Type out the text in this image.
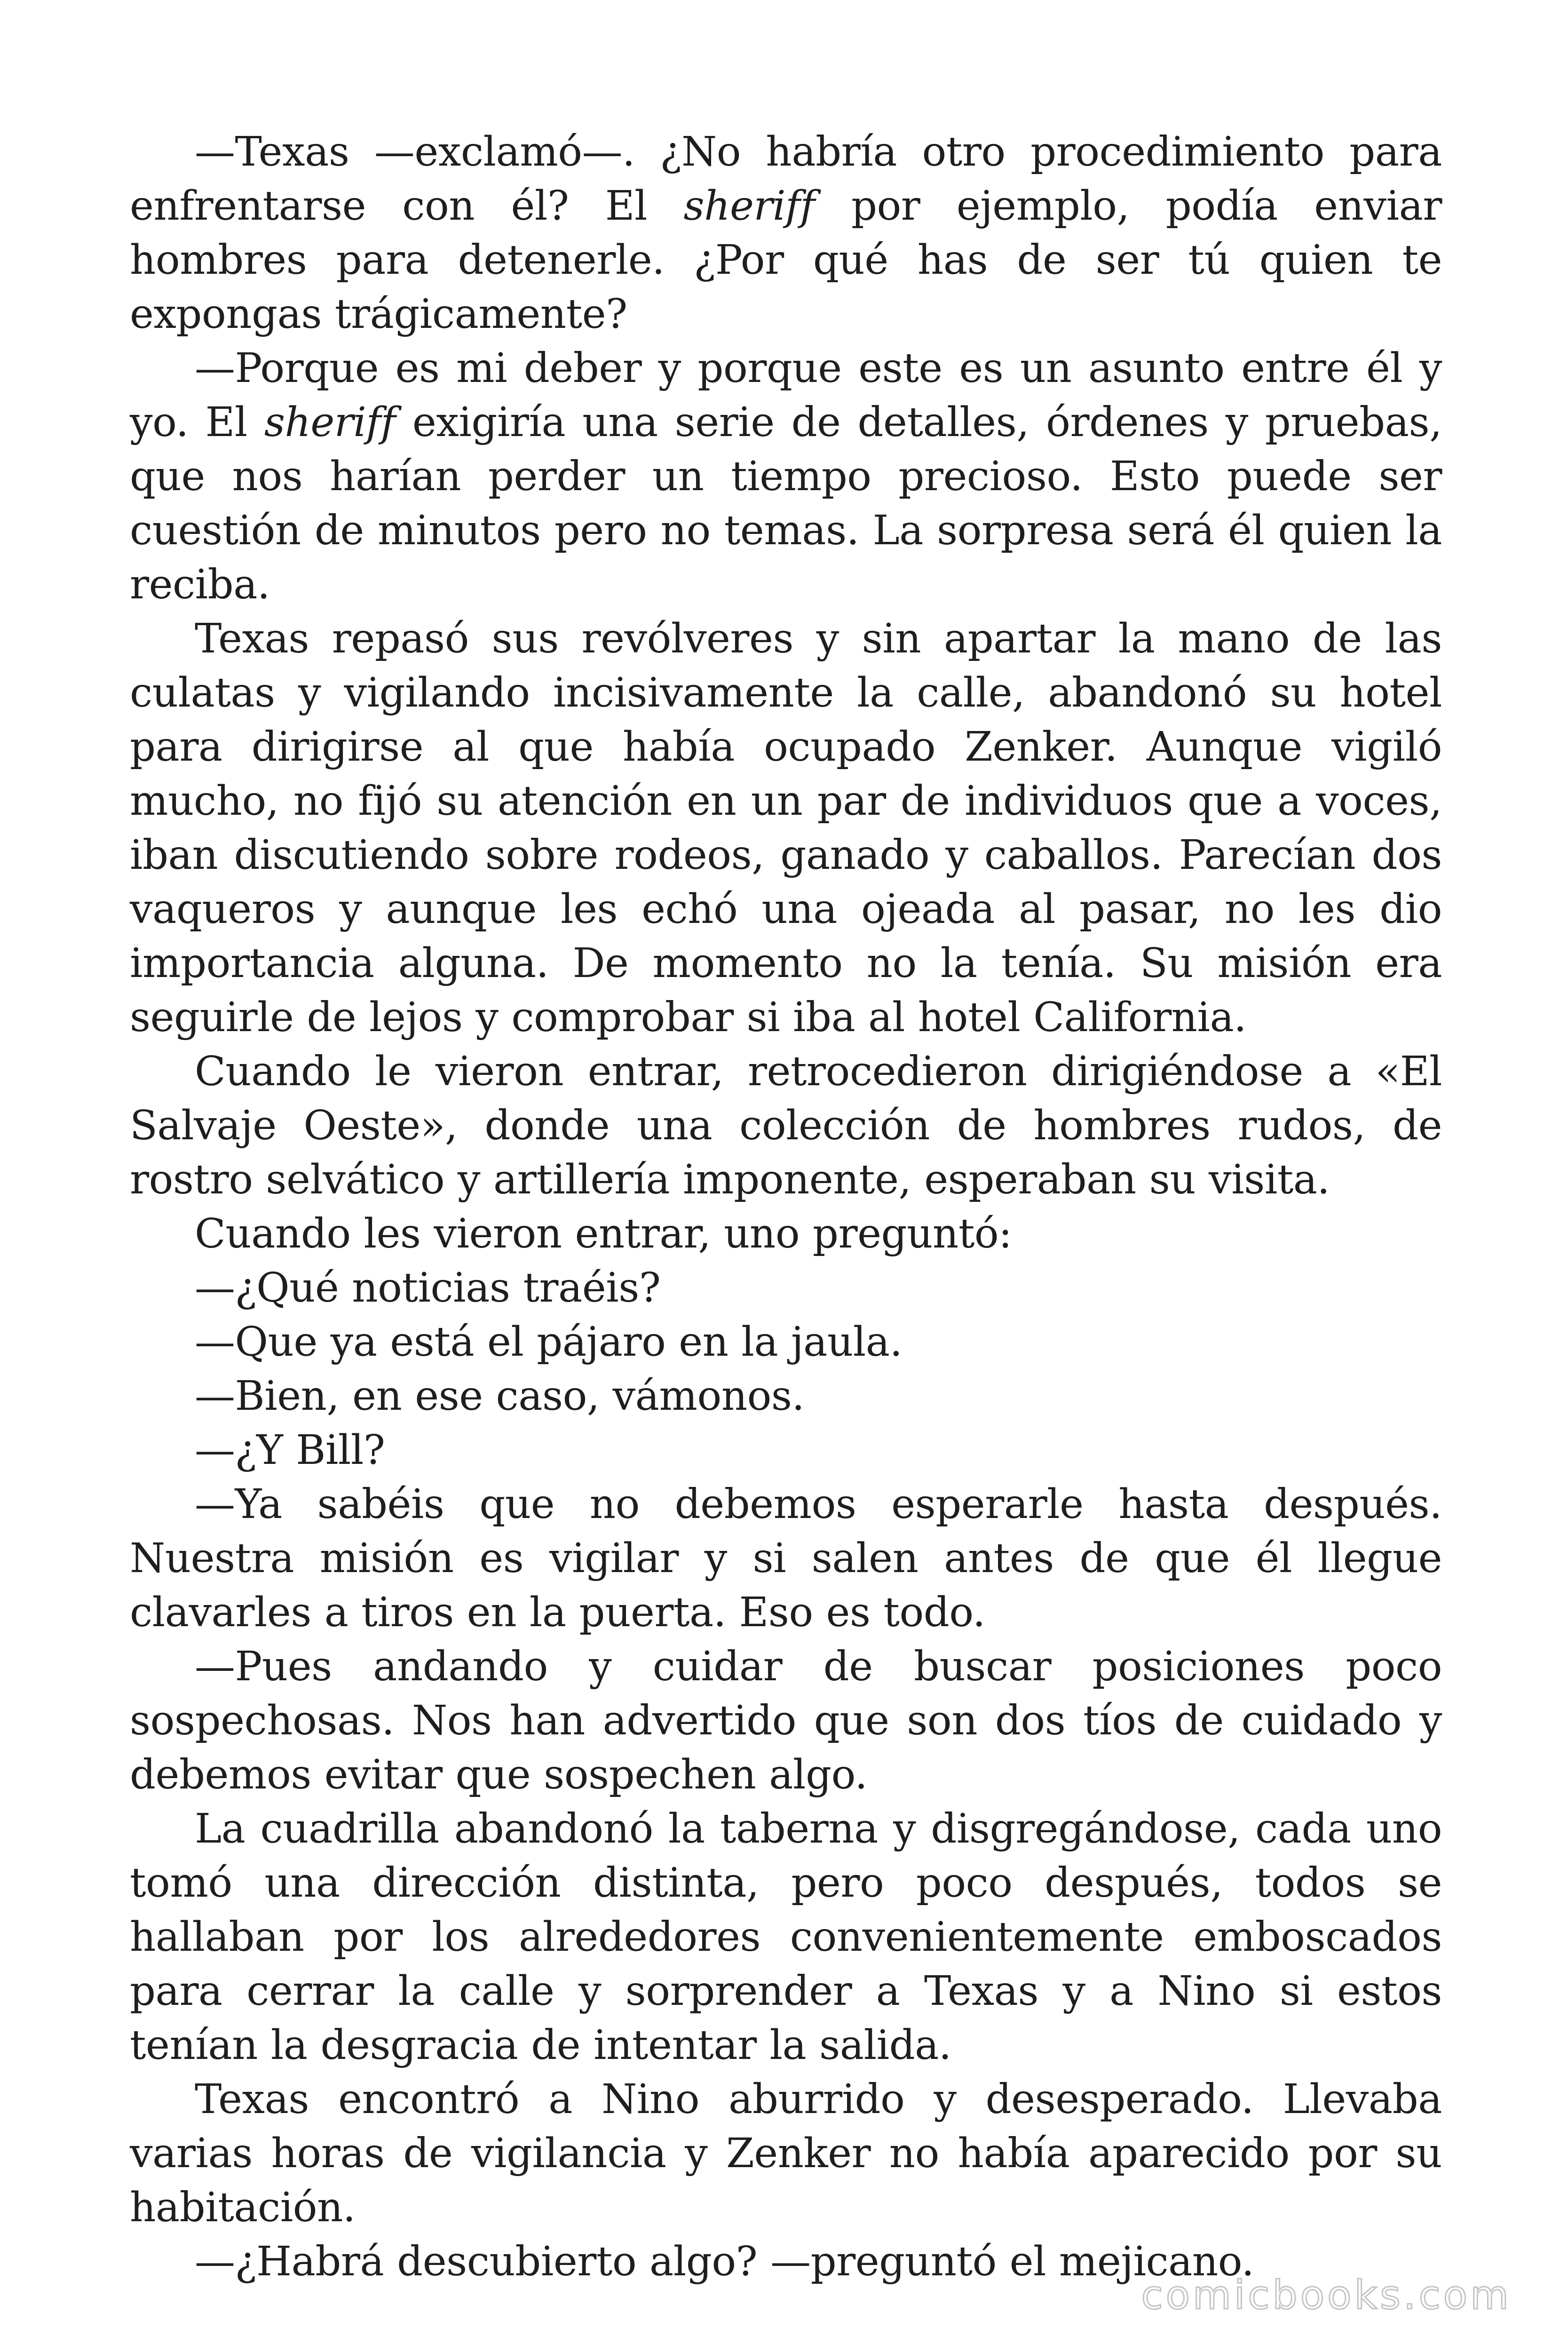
—Texas —exclamó—. ¿No habría otro procedimiento para enfrentarse con él? El sheriff por ejemplo, podía enviar hombres para detenerle. ¿Por qué has de ser tú quien te expongas trágicamente?

—Porque es mi deber y porque este es un asunto entre él y yo. El sheriff exigiría una serie de detalles, órdenes y pruebas, que nos harían perder un tiempo precioso. Esto puede ser cuestión de minutos pero no temas. La sorpresa será él quien la reciba.

Texas repasó sus revólveres y sin apartar la mano de las culatas y vigilando incisivamente la calle, abandonó su hotel para dirigirse al que había ocupado Zenker. Aunque vigiló mucho, no fijó su atención en un par de individuos que a voces, iban discutiendo sobre rodeos, ganado y caballos. Parecían dos vaqueros y aunque les echó una ojeada al pasar, no les dio importancia alguna. De momento no la tenía. Su misión era seguirle de lejos y comprobar si iba al hotel California.

Cuando le vieron entrar, retrocedieron dirigiéndose a «El Salvaje Oeste», donde una colección de hombres rudos, de rostro selvático y artillería imponente, esperaban su visita.

Cuando les vieron entrar, uno preguntó:

—¿Qué noticias traéis?

—Que ya está el pájaro en la jaula.

—Bien, en ese caso, vámonos.

—¿Y Bill?

—Ya sabéis que no debemos esperarle hasta después. Nuestra misión es vigilar y si salen antes de que él llegue clavarles a tiros en la puerta. Eso es todo.

—Pues andando y cuidar de buscar posiciones poco sospechosas. Nos han advertido que son dos tíos de cuidado y debemos evitar que sospechen algo.

La cuadrilla abandonó la taberna y disgregándose, cada uno tomó una dirección distinta, pero poco después, todos se hallaban por los alrededores convenientemente emboscados para cerrar la calle y sorprender a Texas y a Nino si estos tenían la desgracia de intentar la salida.

Texas encontró a Nino aburrido y desesperado. Llevaba varias horas de vigilancia y Zenker no había aparecido por su habitación.

—¿Habrá descubierto algo? —preguntó el mejicano.

comicbooks.com
